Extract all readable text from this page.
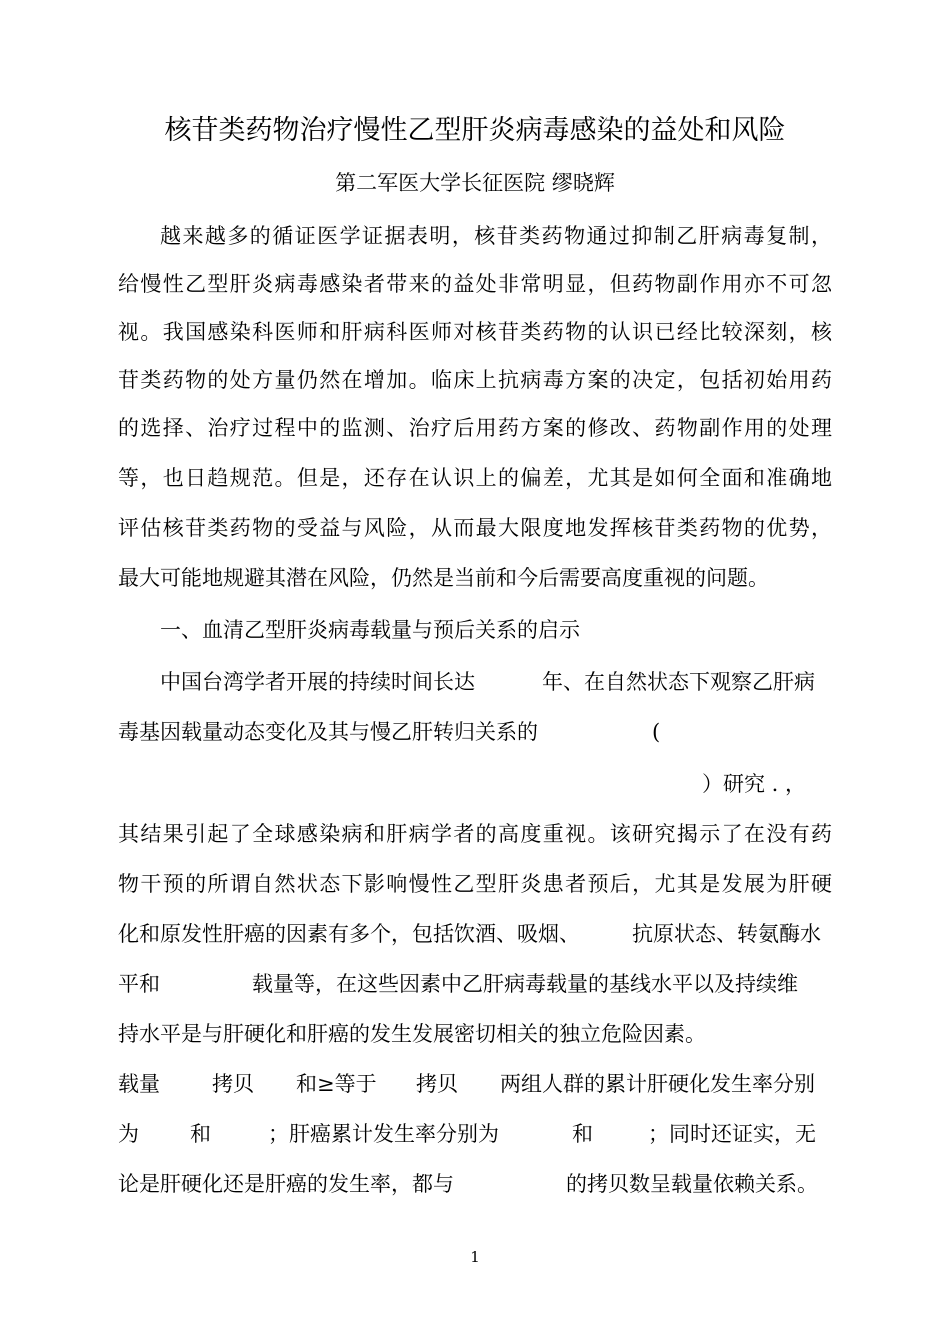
核苷类药物治疗慢性乙型肝炎病毒感染的益处和风险
第二军医大学长征医院 缪晓辉
越来越多的循证医学证据表明，核苷类药物通过抑制乙肝病毒复制，
给慢性乙型肝炎病毒感染者带来的益处非常明显，但药物副作用亦不可忽
视。我国感染科医师和肝病科医师对核苷类药物的认识已经比较深刻，核
苷类药物的处方量仍然在增加。临床上抗病毒方案的决定，包括初始用药
的选择、治疗过程中的监测、治疗后用药方案的修改、药物副作用的处理
等，也日趋规范。但是，还存在认识上的偏差，尤其是如何全面和准确地
评估核苷类药物的受益与风险，从而最大限度地发挥核苷类药物的优势，
最大可能地规避其潜在风险，仍然是当前和今后需要高度重视的问题。
一、血清乙型肝炎病毒载量与预后关系的启示
中国台湾学者开展的持续时间长达	年、在自然状态下观察乙肝病
毒基因载量动态变化及其与慢乙肝转归关系的	(
）研究 . ，
其结果引起了全球感染病和肝病学者的高度重视。该研究揭示了在没有药
物干预的所谓自然状态下影响慢性乙型肝炎患者预后，尤其是发展为肝硬
化和原发性肝癌的因素有多个，包括饮酒、吸烟、 抗原状态、转氨酶水
平和	载量等，在这些因素中乙肝病毒载量的基线水平以及持续维
持水平是与肝硬化和肝癌的发生发展密切相关的独立危险因素。
载量 拷贝 和≥等于 拷贝 两组人群的累计肝硬化发生率分别
为 和	；肝癌累计发生率分别为	和	；同时还证实，无
论是肝硬化还是肝癌的发生率，都与	的拷贝数呈载量依赖关系。
1
